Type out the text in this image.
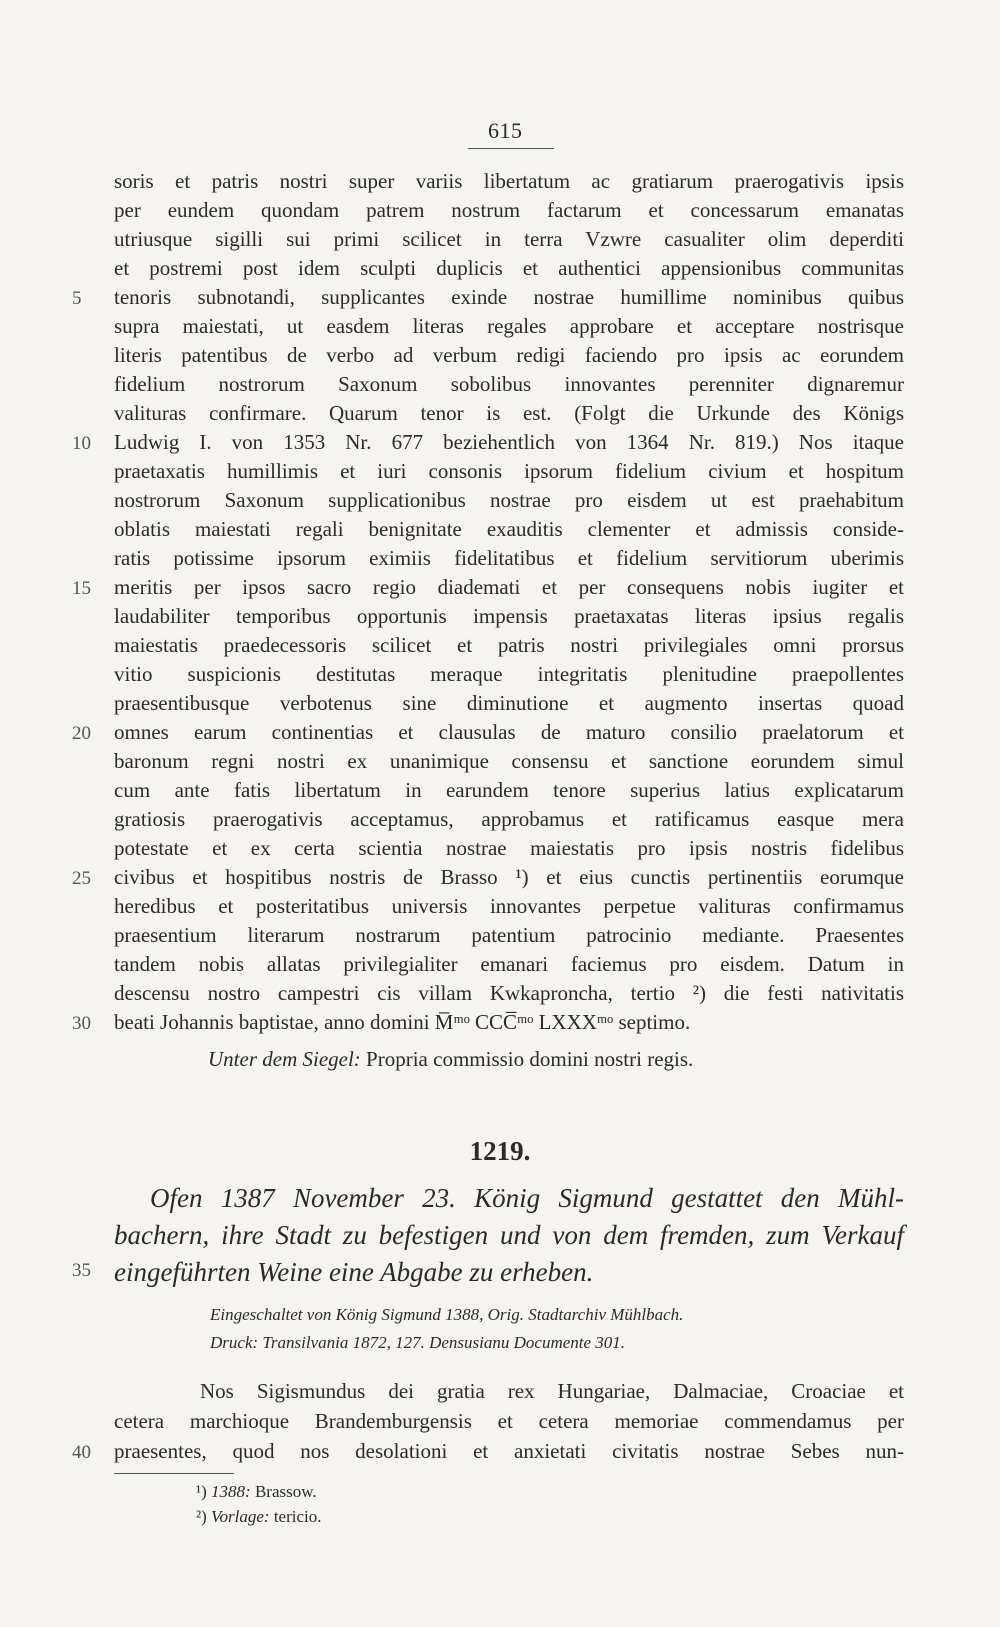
615
soris et patris nostri super variis libertatum ac gratiarum praerogativis ipsis
per eundem quondam patrem nostrum factarum et concessarum emanatas
utriusque sigilli sui primi scilicet in terra Vzwre casualiter olim deperditi
et postremi post idem sculpti duplicis et authentici appensionibus communitas
tenoris subnotandi, supplicantes exinde nostrae humillime nominibus quibus
supra maiestati, ut easdem literas regales approbare et acceptare nostrisque
literis patentibus de verbo ad verbum redigi faciendo pro ipsis ac eorundem
fidelium nostrorum Saxonum sobolibus innovantes perenniter dignaremur
valituras confirmare. Quarum tenor is est. (Folgt die Urkunde des Königs
Ludwig I. von 1353 Nr. 677 beziehentlich von 1364 Nr. 819.) Nos itaque
praetaxatis humillimis et iuri consonis ipsorum fidelium civium et hospitum
nostrorum Saxonum supplicationibus nostrae pro eisdem ut est praehabitum
oblatis maiestati regali benignitate exauditis clementer et admissis conside-
ratis potissime ipsorum eximiis fidelitatibus et fidelium servitiorum uberimis
meritis per ipsos sacro regio diademati et per consequens nobis iugiter et
laudabiliter temporibus opportunis impensis praetaxatas literas ipsius regalis
maiestatis praedecessoris scilicet et patris nostri privilegiales omni prorsus
vitio suspicionis destitutas meraque integritatis plenitudine praepollentes
praesentibusque verbotenus sine diminutione et augmento insertas quoad
omnes earum continentias et clausulas de maturo consilio praelatorum et
baronum regni nostri ex unanimique consensu et sanctione eorundem simul
cum ante fatis libertatum in earundem tenore superius latius explicatarum
gratiosis praerogativis acceptamus, approbamus et ratificamus easque mera
potestate et ex certa scientia nostrae maiestatis pro ipsis nostris fidelibus
civibus et hospitibus nostris de Brasso ¹) et eius cunctis pertinentiis eorumque
heredibus et posteritatibus universis innovantes perpetue valituras confirmamus
praesentium literarum nostrarum patentium patrocinio mediante. Praesentes
tandem nobis allatas privilegialiter emanari faciemus pro eisdem. Datum in
descensu nostro campestri cis villam Kwkaproncha, tertio ²) die festi nativitatis
beati Johannis baptistae, anno domini M̅ᵐᵒ CCC̅ᵐᵒ LXXXᵐᵒ septimo.
Unter dem Siegel: Propria commissio domini nostri regis.
5
10
15
20
25
30
35
40
1219.
Ofen 1387 November 23. König Sigmund gestattet den Mühl-
bachern, ihre Stadt zu befestigen und von dem fremden, zum Verkauf
eingeführten Weine eine Abgabe zu erheben.
Eingeschaltet von König Sigmund 1388, Orig. Stadtarchiv Mühlbach.
Druck: Transilvania 1872, 127. Densusianu Documente 301.
Nos Sigismundus dei gratia rex Hungariae, Dalmaciae, Croaciae et
cetera marchioque Brandemburgensis et cetera memoriae commendamus per
praesentes, quod nos desolationi et anxietati civitatis nostrae Sebes nun-
¹) 1388: Brassow.
²) Vorlage: tericio.
